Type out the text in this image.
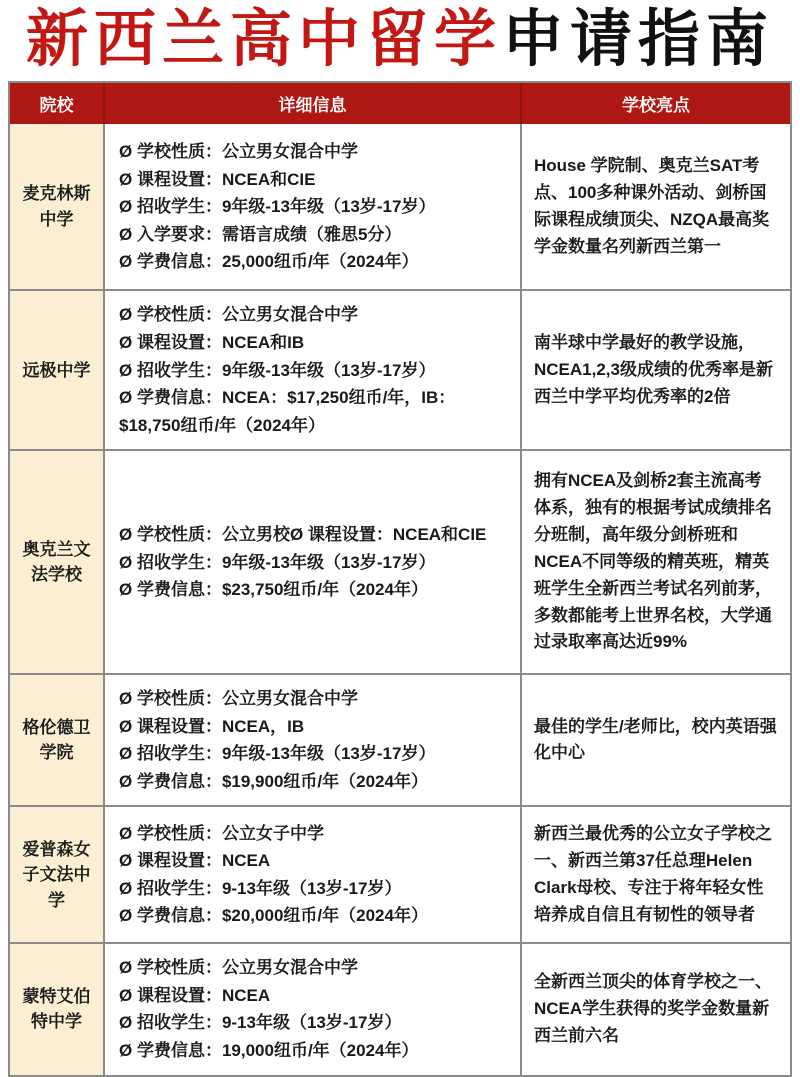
新西兰高中留学申请指南
院校	详细信息	学校亮点
麦克林斯中学
Ø 学校性质：公立男女混合中学
Ø 课程设置：NCEA和CIE
Ø 招收学生：9年级-13年级（13岁-17岁）
Ø 入学要求：需语言成绩（雅思5分）
Ø 学费信息：25,000纽币/年（2024年）
House 学院制、奥克兰SAT考点、100多种课外活动、剑桥国际课程成绩顶尖、NZQA最高奖学金数量名列新西兰第一
远极中学
Ø 学校性质：公立男女混合中学
Ø 课程设置：NCEA和IB
Ø 招收学生：9年级-13年级（13岁-17岁）
Ø 学费信息：NCEA：$17,250纽币/年，IB：$18,750纽币/年（2024年）
南半球中学最好的教学设施，NCEA1,2,3级成绩的优秀率是新西兰中学平均优秀率的2倍
奥克兰文法学校
Ø 学校性质：公立男校Ø 课程设置：NCEA和CIE
Ø 招收学生：9年级-13年级（13岁-17岁）
Ø 学费信息：$23,750纽币/年（2024年）
拥有NCEA及剑桥2套主流高考体系，独有的根据考试成绩排名分班制，高年级分剑桥班和NCEA不同等级的精英班，精英班学生全新西兰考试名列前茅，多数都能考上世界名校，大学通过录取率高达近99%
格伦德卫学院
Ø 学校性质：公立男女混合中学
Ø 课程设置：NCEA，IB
Ø 招收学生：9年级-13年级（13岁-17岁）
Ø 学费信息：$19,900纽币/年（2024年）
最佳的学生/老师比，校内英语强化中心
爱普森女子文法中学
Ø 学校性质：公立女子中学
Ø 课程设置：NCEA
Ø 招收学生：9-13年级（13岁-17岁）
Ø 学费信息：$20,000纽币/年（2024年）
新西兰最优秀的公立女子学校之一、新西兰第37任总理Helen Clark母校、专注于将年轻女性培养成自信且有韧性的领导者
蒙特艾伯特中学
Ø 学校性质：公立男女混合中学
Ø 课程设置：NCEA
Ø 招收学生：9-13年级（13岁-17岁）
Ø 学费信息：19,000纽币/年（2024年）
全新西兰顶尖的体育学校之一、NCEA学生获得的奖学金数量新西兰前六名
